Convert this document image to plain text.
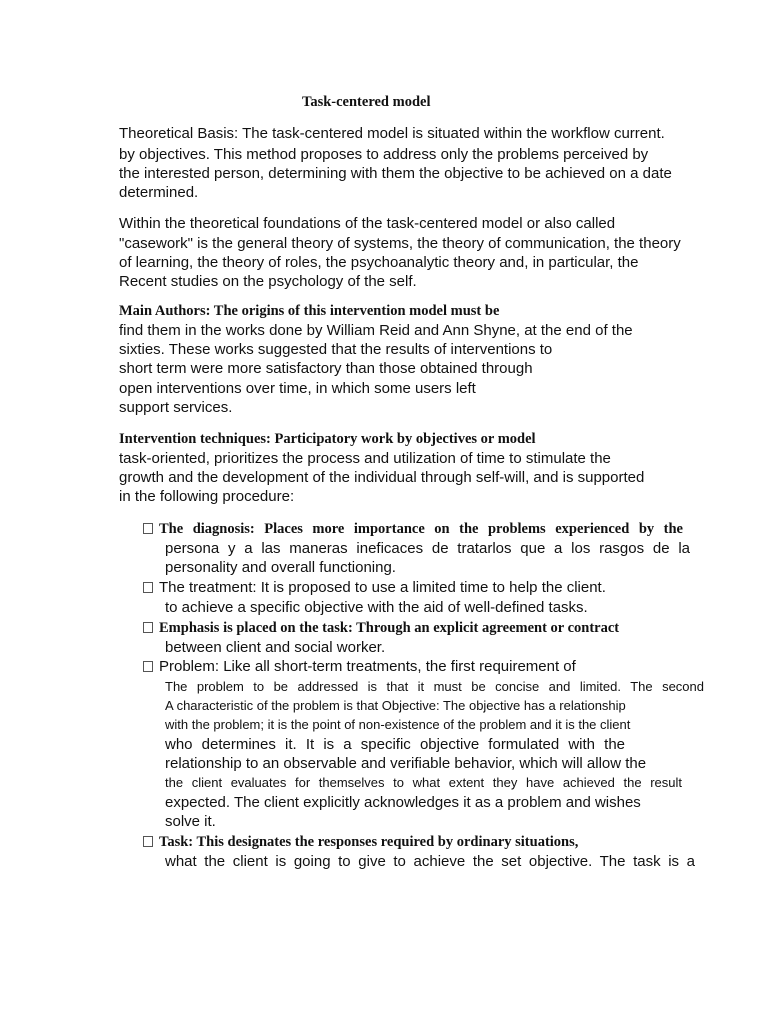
Task-centered model
Theoretical Basis: The task-centered model is situated within the workflow current.
by objectives. This method proposes to address only the problems perceived by
the interested person, determining with them the objective to be achieved on a date
determined.
Within the theoretical foundations of the task-centered model or also called
"casework" is the general theory of systems, the theory of communication, the theory
of learning, the theory of roles, the psychoanalytic theory and, in particular, the
Recent studies on the psychology of the self.
Main Authors: The origins of this intervention model must be
find them in the works done by William Reid and Ann Shyne, at the end of the
sixties. These works suggested that the results of interventions to
short term were more satisfactory than those obtained through
open interventions over time, in which some users left
support services.
Intervention techniques: Participatory work by objectives or model
task-oriented, prioritizes the process and utilization of time to stimulate the
growth and the development of the individual through self-will, and is supported
in the following procedure:
The diagnosis: Places more importance on the problems experienced by the
persona y a las maneras ineficaces de tratarlos que a los rasgos de la
personality and overall functioning.
The treatment: It is proposed to use a limited time to help the client.
to achieve a specific objective with the aid of well-defined tasks.
Emphasis is placed on the task: Through an explicit agreement or contract
between client and social worker.
Problem: Like all short-term treatments, the first requirement of
The problem to be addressed is that it must be concise and limited. The second
A characteristic of the problem is that Objective: The objective has a relationship
with the problem; it is the point of non-existence of the problem and it is the client
who determines it. It is a specific objective formulated with the
relationship to an observable and verifiable behavior, which will allow the
the client evaluates for themselves to what extent they have achieved the result
expected. The client explicitly acknowledges it as a problem and wishes
solve it.
Task: This designates the responses required by ordinary situations,
what the client is going to give to achieve the set objective. The task is a
